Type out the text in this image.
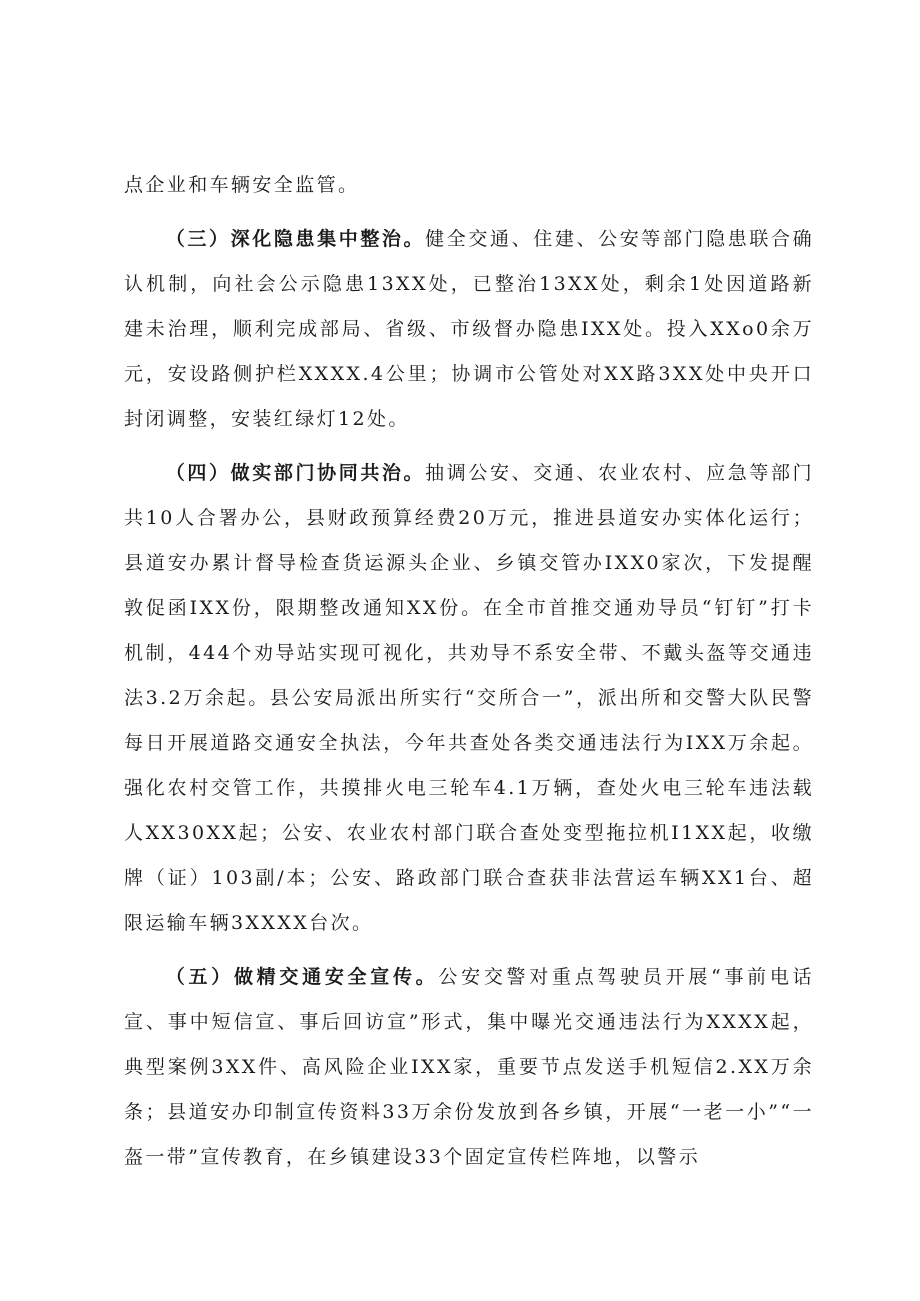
点企业和车辆安全监管。

（三）深化隐患集中整治。健全交通、住建、公安等部门隐患联合确认机制，向社会公示隐患13XX处，已整治13XX处，剩余1处因道路新建未治理，顺利完成部局、省级、市级督办隐患IXX处。投入XXo0余万元，安设路侧护栏XXXX.4公里；协调市公管处对XX路3XX处中央开口封闭调整，安装红绿灯12处。

（四）做实部门协同共治。抽调公安、交通、农业农村、应急等部门共10人合署办公，县财政预算经费20万元，推进县道安办实体化运行；县道安办累计督导检查货运源头企业、乡镇交管办IXX0家次，下发提醒敦促函IXX份，限期整改通知XX份。在全市首推交通劝导员“钉钉”打卡机制，444个劝导站实现可视化，共劝导不系安全带、不戴头盔等交通违法3.2万余起。县公安局派出所实行“交所合一”，派出所和交警大队民警每日开展道路交通安全执法，今年共查处各类交通违法行为IXX万余起。强化农村交管工作，共摸排火电三轮车4.1万辆，查处火电三轮车违法载人XX30XX起；公安、农业农村部门联合查处变型拖拉机I1XX起，收缴牌（证）103副/本；公安、路政部门联合查获非法营运车辆XX1台、超限运输车辆3XXXX台次。

（五）做精交通安全宣传。公安交警对重点驾驶员开展“事前电话宣、事中短信宣、事后回访宣”形式，集中曝光交通违法行为XXXX起，典型案例3XX件、高风险企业IXX家，重要节点发送手机短信2.XX万余条；县道安办印制宣传资料33万余份发放到各乡镇，开展“一老一小”“一盔一带”宣传教育，在乡镇建设33个固定宣传栏阵地，以警示
